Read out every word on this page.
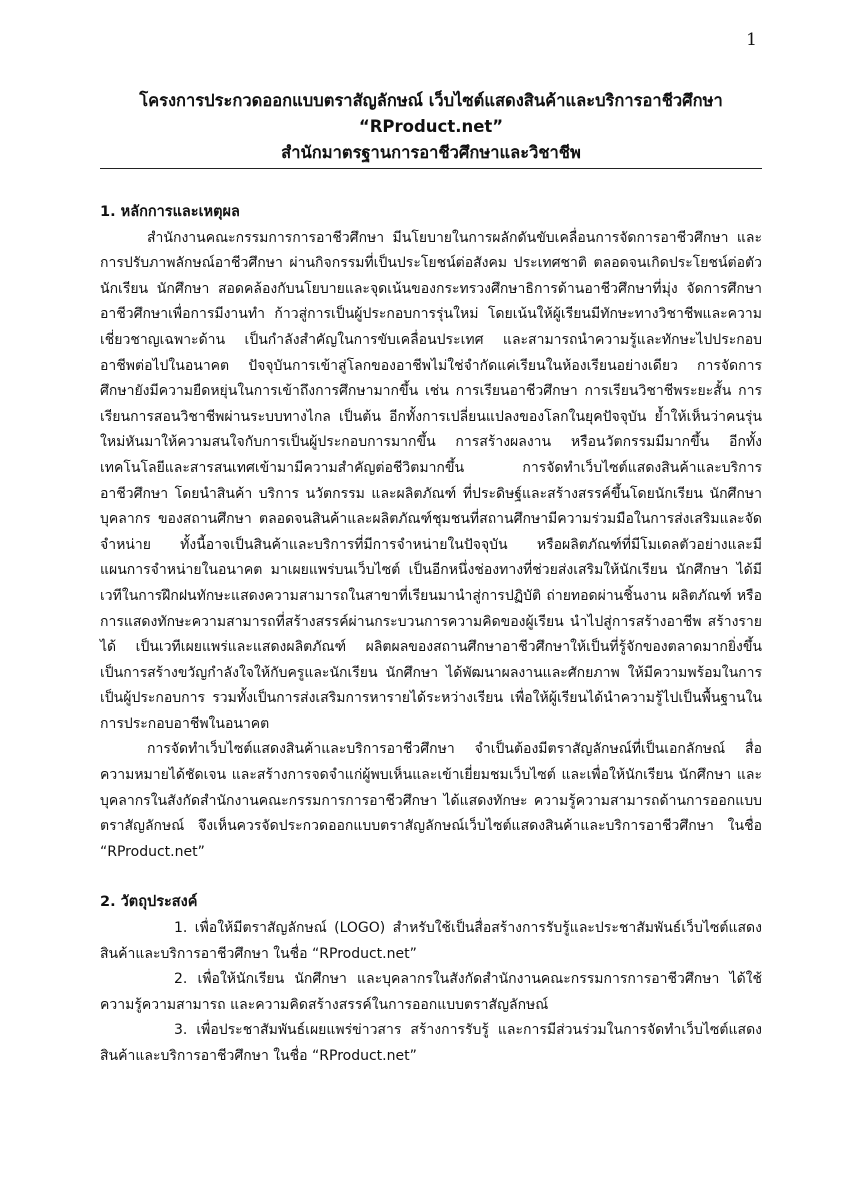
1
โครงการประกวดออกแบบตราสัญลักษณ์ เว็บไซต์แสดงสินค้าและบริการอาชีวศึกษา
“RProduct.net”
สำนักมาตรฐานการอาชีวศึกษาและวิชาชีพ
1. หลักการและเหตุผล

สำนักงานคณะกรรมการการอาชีวศึกษา มีนโยบายในการผลักดันขับเคลื่อนการจัดการอาชีวศึกษา และการปรับภาพลักษณ์อาชีวศึกษา ผ่านกิจกรรมที่เป็นประโยชน์ต่อสังคม ประเทศชาติ ตลอดจนเกิดประโยชน์ต่อตัวนักเรียน นักศึกษา สอดคล้องกับนโยบายและจุดเน้นของกระทรวงศึกษาธิการด้านอาชีวศึกษาที่มุ่ง จัดการศึกษาอาชีวศึกษาเพื่อการมีงานทำ ก้าวสู่การเป็นผู้ประกอบการรุ่นใหม่ โดยเน้นให้ผู้เรียนมีทักษะทางวิชาชีพและความเชี่ยวชาญเฉพาะด้าน เป็นกำลังสำคัญในการขับเคลื่อนประเทศ และสามารถนำความรู้และทักษะไปประกอบอาชีพต่อไปในอนาคต ปัจจุบันการเข้าสู่โลกของอาชีพไม่ใช่จำกัดแค่เรียนในห้องเรียนอย่างเดียว การจัดการศึกษายังมีความยืดหยุ่นในการเข้าถึงการศึกษามากขึ้น เช่น การเรียนอาชีวศึกษา การเรียนวิชาชีพระยะสั้น การเรียนการสอนวิชาชีพผ่านระบบทางไกล เป็นต้น อีกทั้งการเปลี่ยนแปลงของโลกในยุคปัจจุบัน ย้ำให้เห็นว่าคนรุ่นใหม่หันมาให้ความสนใจกับการเป็นผู้ประกอบการมากขึ้น การสร้างผลงาน หรือนวัตกรรมมีมากขึ้น อีกทั้งเทคโนโลยีและสารสนเทศเข้ามามีความสำคัญต่อชีวิตมากขึ้น การจัดทำเว็บไซต์แสดงสินค้าและบริการอาชีวศึกษา โดยนำสินค้า บริการ นวัตกรรม และผลิตภัณฑ์ ที่ประดิษฐ์และสร้างสรรค์ขึ้นโดยนักเรียน นักศึกษา บุคลากร ของสถานศึกษา ตลอดจนสินค้าและผลิตภัณฑ์ชุมชนที่สถานศึกษามีความร่วมมือในการส่งเสริมและจัดจำหน่าย ทั้งนี้อาจเป็นสินค้าและบริการที่มีการจำหน่ายในปัจจุบัน หรือผลิตภัณฑ์ที่มีโมเดลตัวอย่างและมีแผนการจำหน่ายในอนาคต มาเผยแพร่บนเว็บไซต์ เป็นอีกหนึ่งช่องทางที่ช่วยส่งเสริมให้นักเรียน นักศึกษา ได้มีเวทีในการฝึกฝนทักษะแสดงความสามารถในสาขาที่เรียนมานำสู่การปฏิบัติ ถ่ายทอดผ่านชิ้นงาน ผลิตภัณฑ์ หรือการแสดงทักษะความสามารถที่สร้างสรรค์ผ่านกระบวนการความคิดของผู้เรียน นำไปสู่การสร้างอาชีพ สร้างรายได้ เป็นเวทีเผยแพร่และแสดงผลิตภัณฑ์ ผลิตผลของสถานศึกษาอาชีวศึกษาให้เป็นที่รู้จักของตลาดมากยิ่งขึ้นเป็นการสร้างขวัญกำลังใจให้กับครูและนักเรียน นักศึกษา ได้พัฒนาผลงานและศักยภาพ ให้มีความพร้อมในการเป็นผู้ประกอบการ รวมทั้งเป็นการส่งเสริมการหารายได้ระหว่างเรียน เพื่อให้ผู้เรียนได้นำความรู้ไปเป็นพื้นฐานในการประกอบอาชีพในอนาคต

การจัดทำเว็บไซต์แสดงสินค้าและบริการอาชีวศึกษา จำเป็นต้องมีตราสัญลักษณ์ที่เป็นเอกลักษณ์ สื่อความหมายได้ชัดเจน และสร้างการจดจำแก่ผู้พบเห็นและเข้าเยี่ยมชมเว็บไซต์ และเพื่อให้นักเรียน นักศึกษา และบุคลากรในสังกัดสำนักงานคณะกรรมการการอาชีวศึกษา ได้แสดงทักษะ ความรู้ความสามารถด้านการออกแบบตราสัญลักษณ์ จึงเห็นควรจัดประกวดออกแบบตราสัญลักษณ์เว็บไซต์แสดงสินค้าและบริการอาชีวศึกษา ในชื่อ “RProduct.net”

2. วัตถุประสงค์

1. เพื่อให้มีตราสัญลักษณ์ (LOGO) สำหรับใช้เป็นสื่อสร้างการรับรู้และประชาสัมพันธ์เว็บไซต์แสดงสินค้าและบริการอาชีวศึกษา ในชื่อ “RProduct.net”

2. เพื่อให้นักเรียน นักศึกษา และบุคลากรในสังกัดสำนักงานคณะกรรมการการอาชีวศึกษา ได้ใช้ความรู้ความสามารถ และความคิดสร้างสรรค์ในการออกแบบตราสัญลักษณ์

3. เพื่อประชาสัมพันธ์เผยแพร่ข่าวสาร สร้างการรับรู้ และการมีส่วนร่วมในการจัดทำเว็บไซต์แสดงสินค้าและบริการอาชีวศึกษา ในชื่อ “RProduct.net”
